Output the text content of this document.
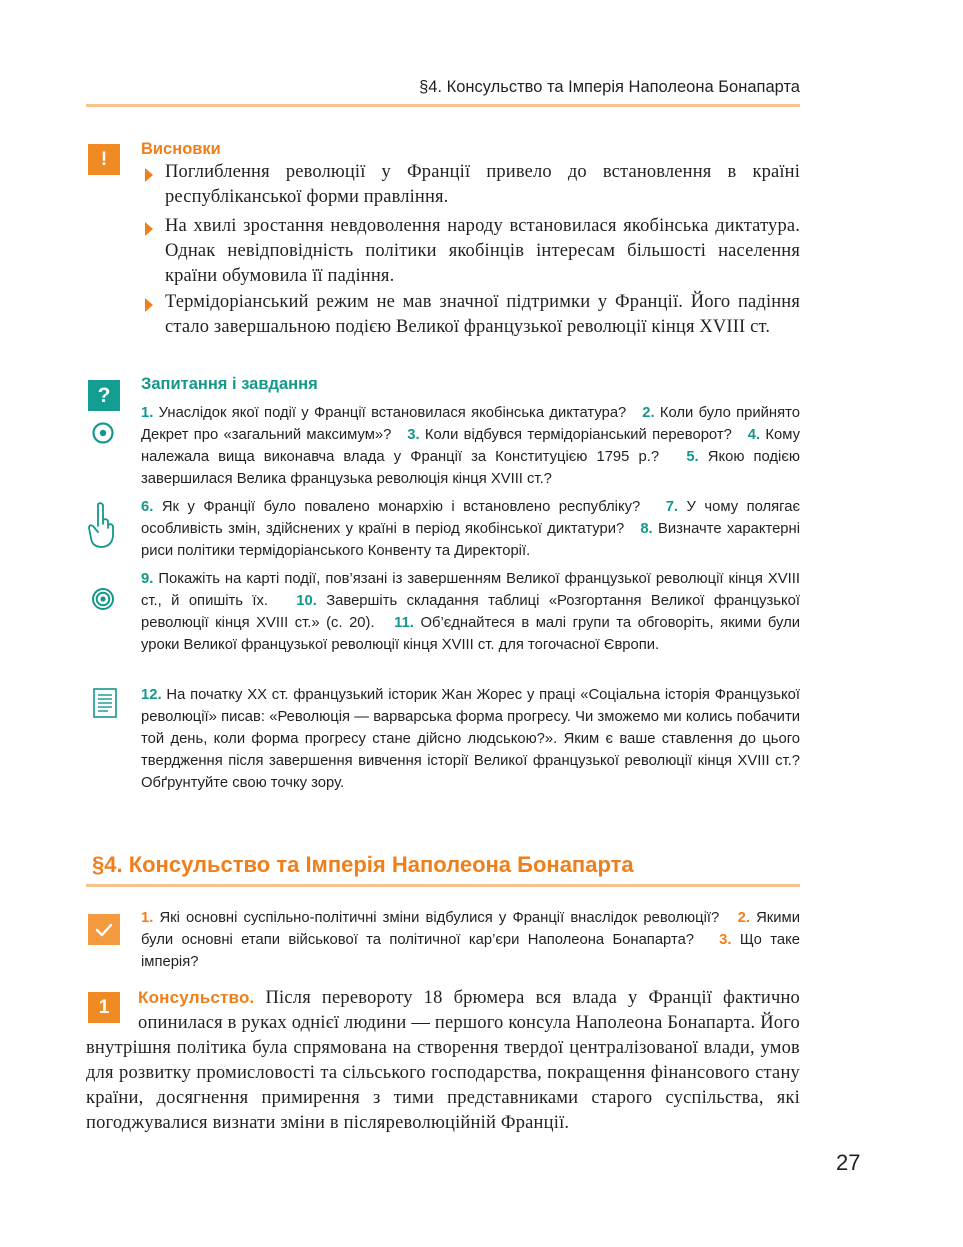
§4. Консульство та Імперія Наполеона Бонапарта
!	Висновки
Поглиблення революції у Франції привело до встановлення в країні республіканської форми правління.
На хвилі зростання невдоволення народу встановилася якобінська диктатура. Однак невідповідність політики якобінців інтересам більшості населення країни обумовила її падіння.
Термідоріанський режим не мав значної підтримки у Франції. Його падіння стало завершальною подією Великої французької революції кінця XVIII ст.
?	Запитання і завдання
1. Унаслідок якої події у Франції встановилася якобінська диктатура? 2. Коли було прийнято Декрет про «загальний максимум»? 3. Коли відбувся термідоріанський переворот? 4. Кому належала вища виконавча влада у Франції за Конституцією 1795 р.? 5. Якою подією завершилася Велика французька революція кінця XVIII ст.?
6. Як у Франції було повалено монархію і встановлено республіку? 7. У чому полягає особливість змін, здійснених у країні в період якобінської диктатури? 8. Визначте характерні риси політики термідоріанського Конвенту та Директорії.
9. Покажіть на карті події, пов’язані із завершенням Великої французької революції кінця XVIII ст., й опишіть їх. 10. Завершіть складання таблиці «Розгортання Великої французької революції кінця XVIII ст.» (с. 20). 11. Об’єднайтеся в малі групи та обговоріть, якими були уроки Великої французької революції кінця XVIII ст. для тогочасної Європи.
12. На початку XX ст. французький історик Жан Жорес у праці «Соціальна історія Французької революції» писав: «Революція — варварська форма прогресу. Чи зможемо ми колись побачити той день, коли форма прогресу стане дійсно людською?». Яким є ваше ставлення до цього твердження після завершення вивчення історії Великої французької революції кінця XVIII ст.? Обґрунтуйте свою точку зору.
§4. Консульство та Імперія Наполеона Бонапарта
1. Які основні суспільно-політичні зміни відбулися у Франції внаслідок революції? 2. Якими були основні етапи військової та політичної кар’єри Наполеона Бонапарта? 3. Що таке імперія?
1	Консульство. Після перевороту 18 брюмера вся влада у Франції фактично опинилася в руках однієї людини — першого консула Наполеона Бонапарта. Його внутрішня політика була спрямована на створення твердої централізованої влади, умов для розвитку промисловості та сільського господарства, покращення фінансового стану країни, досягнення примирення з тими представниками старого суспільства, які погоджувалися визнати зміни в післяреволюційній Франції.
27
